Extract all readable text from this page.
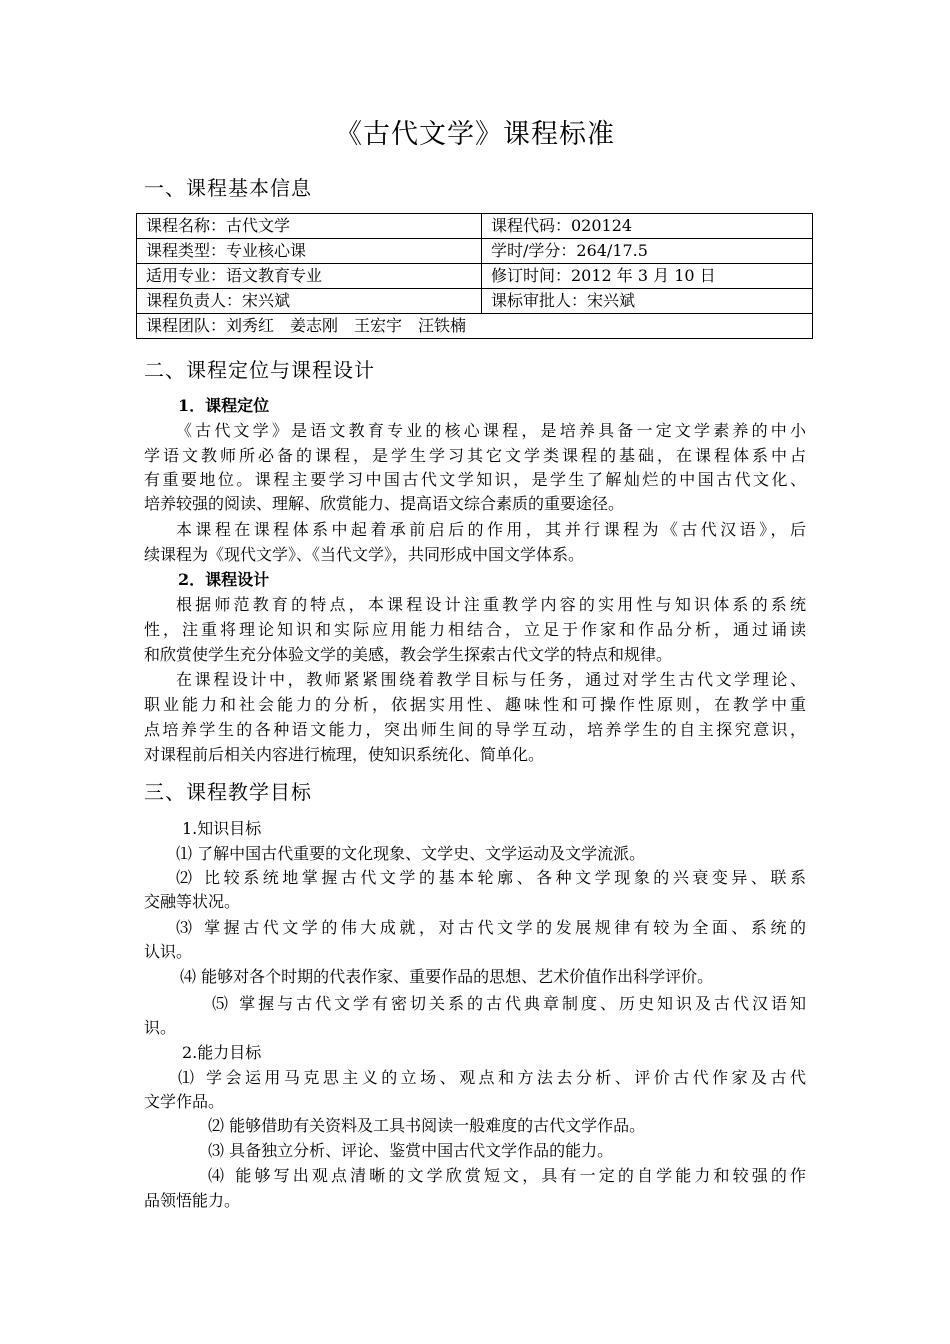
《古代文学》课程标准
一、课程基本信息
课程名称：古代文学	课程代码：020124
课程类型：专业核心课	学时/学分：264/17.5
适用专业：语文教育专业	修订时间：2012 年 3 月 10 日
课程负责人：宋兴斌	课标审批人：宋兴斌
课程团队：刘秀红　姜志刚　王宏宇　汪铁楠	
二、课程定位与课程设计
1．课程定位
《古代文学》是语文教育专业的核心课程，是培养具备一定文学素养的中小
学语文教师所必备的课程，是学生学习其它文学类课程的基础，在课程体系中占
有重要地位。课程主要学习中国古代文学知识，是学生了解灿烂的中国古代文化、
培养较强的阅读、理解、欣赏能力、提高语文综合素质的重要途径。
本课程在课程体系中起着承前启后的作用，其并行课程为《古代汉语》，后
续课程为《现代文学》、《当代文学》，共同形成中国文学体系。
2．课程设计
根据师范教育的特点，本课程设计注重教学内容的实用性与知识体系的系统
性，注重将理论知识和实际应用能力相结合，立足于作家和作品分析，通过诵读
和欣赏使学生充分体验文学的美感，教会学生探索古代文学的特点和规律。
在课程设计中，教师紧紧围绕着教学目标与任务，通过对学生古代文学理论、
职业能力和社会能力的分析，依据实用性、趣味性和可操作性原则，在教学中重
点培养学生的各种语文能力，突出师生间的导学互动，培养学生的自主探究意识，
对课程前后相关内容进行梳理，使知识系统化、简单化。
三、课程教学目标
1.知识目标
⑴ 了解中国古代重要的文化现象、文学史、文学运动及文学流派。
⑵ 比较系统地掌握古代文学的基本轮廓、各种文学现象的兴衰变异、联系
交融等状况。
⑶ 掌握古代文学的伟大成就，对古代文学的发展规律有较为全面、系统的
认识。
⑷ 能够对各个时期的代表作家、重要作品的思想、艺术价值作出科学评价。
⑸ 掌握与古代文学有密切关系的古代典章制度、历史知识及古代汉语知
识。
2.能力目标
⑴ 学会运用马克思主义的立场、观点和方法去分析、评价古代作家及古代
文学作品。
⑵ 能够借助有关资料及工具书阅读一般难度的古代文学作品。
⑶ 具备独立分析、评论、鉴赏中国古代文学作品的能力。
⑷ 能够写出观点清晰的文学欣赏短文，具有一定的自学能力和较强的作
品领悟能力。
